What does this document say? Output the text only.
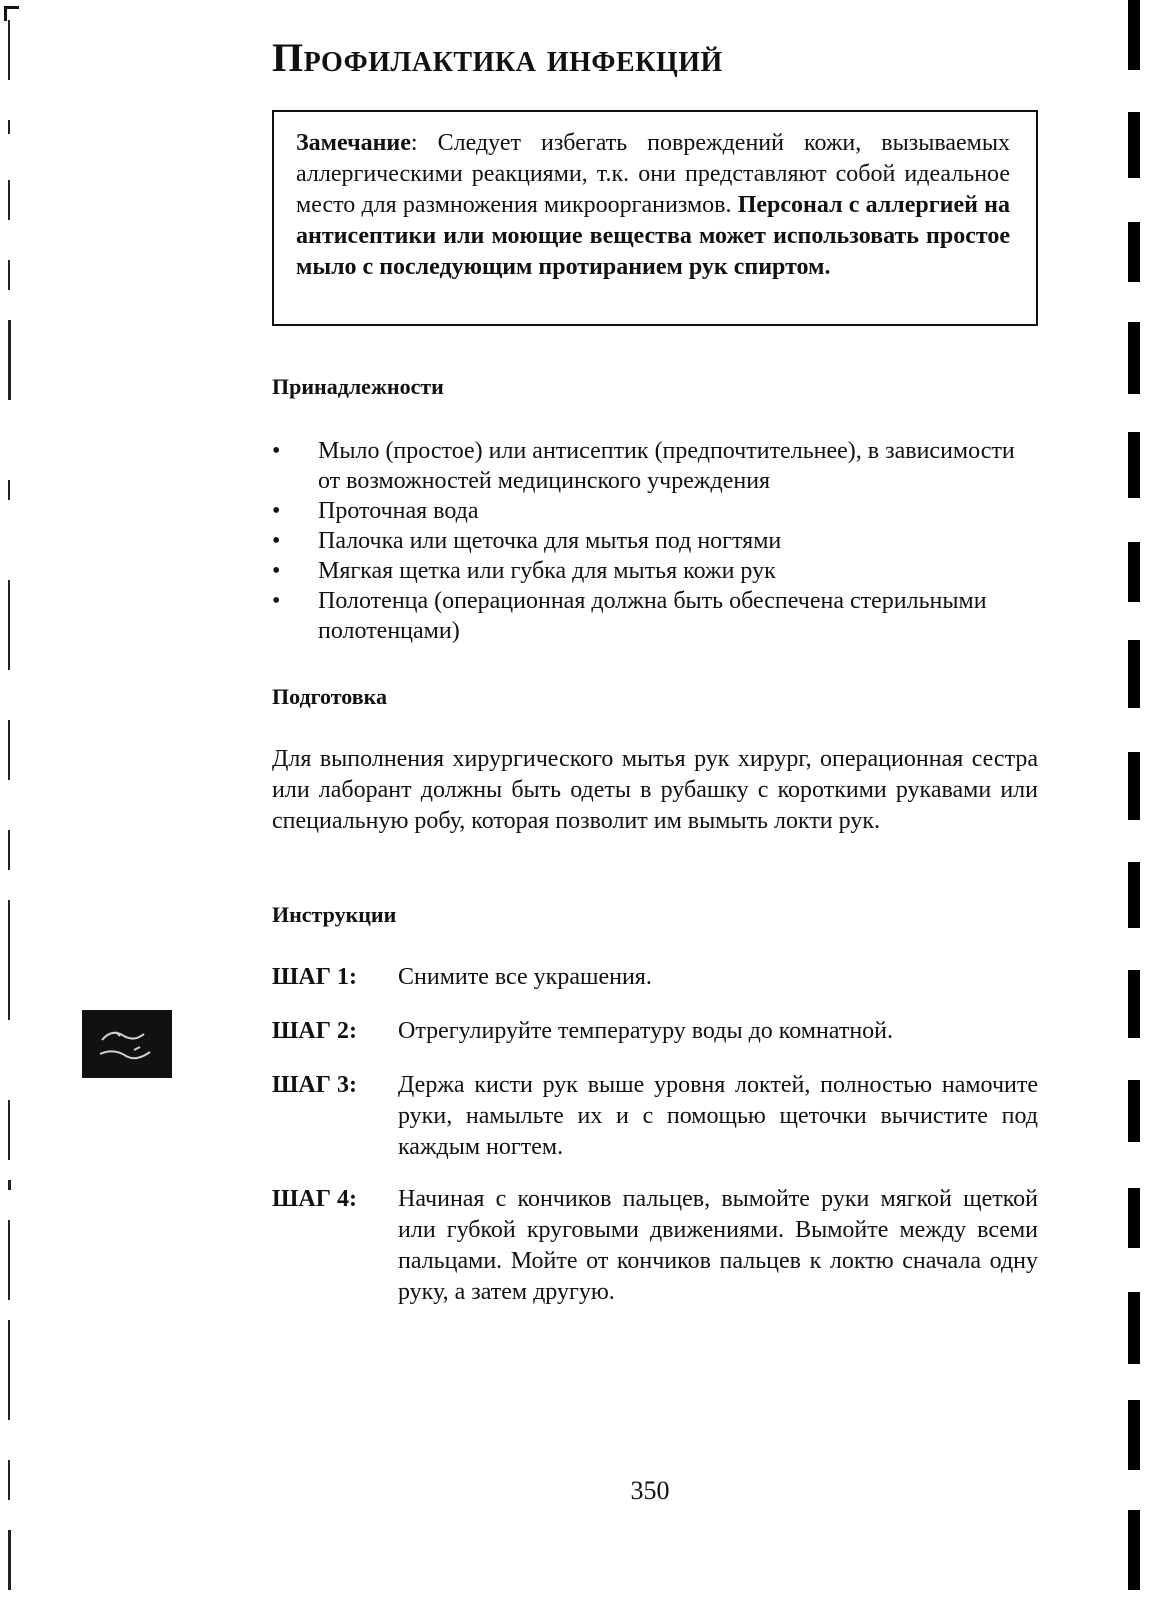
Профилактика инфекций
Замечание: Следует избегать повреждений кожи, вызываемых аллергическими реакциями, т.к. они представляют собой идеальное место для размножения микроорганизмов. Персонал с аллергией на антисептики или моющие вещества может использовать простое мыло с последующим протиранием рук спиртом.
Принадлежности
• Мыло (простое) или антисептик (предпочтительнее), в зависимости от возможностей медицинского учреждения
• Проточная вода
• Палочка или щеточка для мытья под ногтями
• Мягкая щетка или губка для мытья кожи рук
• Полотенца (операционная должна быть обеспечена стерильными полотенцами)
Подготовка

Для выполнения хирургического мытья рук хирург, операционная сестра или лаборант должны быть одеты в рубашку с короткими рукавами или специальную робу, которая позволит им вымыть локти рук.

Инструкции
ШАГ 1:	Снимите все украшения.
ШАГ 2:	Отрегулируйте температуру воды до комнатной.
ШАГ 3:	Держа кисти рук выше уровня локтей, полностью намочите руки, намыльте их и с помощью щеточки вычистите под каждым ногтем.
ШАГ 4:	Начиная с кончиков пальцев, вымойте руки мягкой щеткой или губкой круговыми движениями. Вымойте между всеми пальцами. Мойте от кончиков пальцев к локтю сначала одну руку, а затем другую.
350
